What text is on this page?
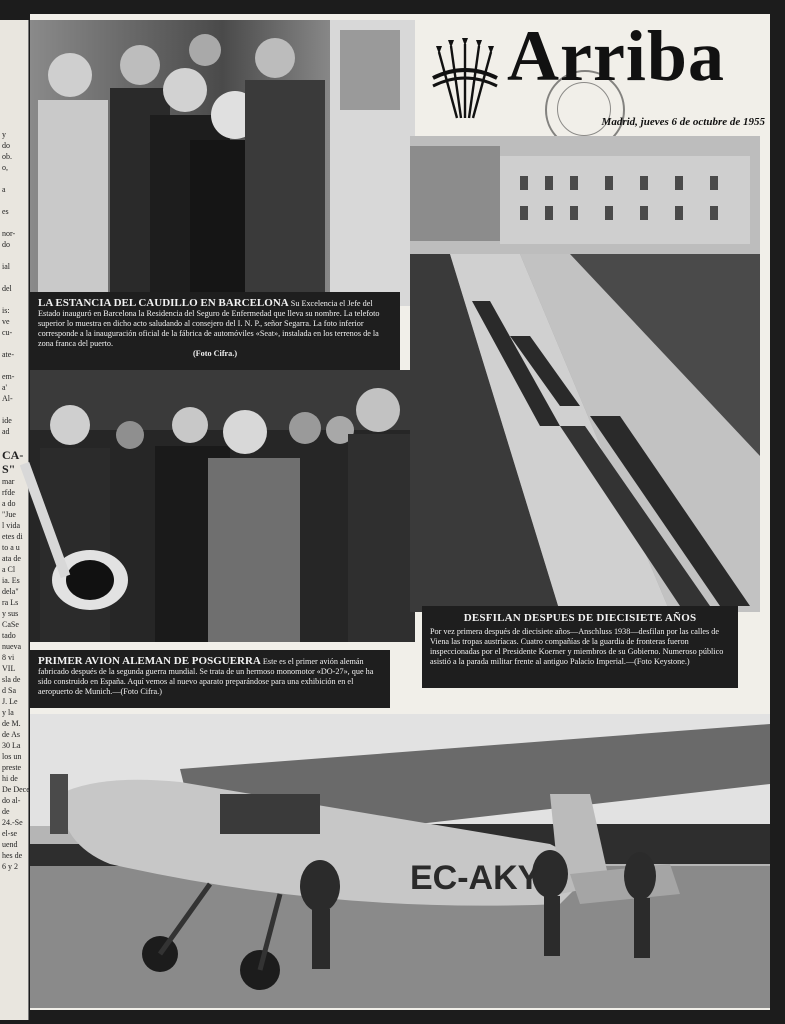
y
do
ob.
o,
a
es
nor-
do
ial
del
is:
ve
cu-
ate-
em-
a'
Al-
ide
ad
CA-
S"
mar
rfde
a do
"Jue
l vida
etes di
to a u
ata de
a Cl
ia. Es
dela"
ra Ls
y sus
CaSe
tado
nueva
8 vi
VIL
sla de
d Sa
J. Le
y la
de M.
de As
30 La
los un
preste
hi de
De Dece
do al-
de
24.-Se
el-se
uend
hes de
6 y 2
LA ESTANCIA DEL CAUDILLO EN BARCELONA Su Excelencia el Jefe del Estado inauguró en Barcelona la Residencia del Seguro de Enfermedad que lleva su nombre. La telefoto superior lo muestra en dicho acto saludando al consejero del I. N. P., señor Segarra. La foto inferior corresponde a la inauguración oficial de la fábrica de automóviles «Seat», instalada en los terrenos de la zona franca del puerto.
(Foto Cifra.)
PRIMER AVION ALEMAN DE POSGUERRA Este es el primer avión alemán fabricado después de la segunda guerra mundial. Se trata de un hermoso monomotor «DO-27», que ha sido construido en España. Aquí vemos al nuevo aparato preparándose para una exhibición en el aeropuerto de Munich.—(Foto Cifra.)
Arriba
Madrid, jueves 6 de octubre de 1955
DESFILAN DESPUES DE DIECISIETE AÑOS
Por vez primera después de diecisiete años—Anschluss 1938—desfilan por las calles de Viena las tropas austríacas. Cuatro compañías de la guardia de fronteras fueron inspeccionadas por el Presidente Koerner y miembros de su Gobierno. Numeroso público asistió a la parada militar frente al antiguo Palacio Imperial.—(Foto Keystone.)
EC-AKY
